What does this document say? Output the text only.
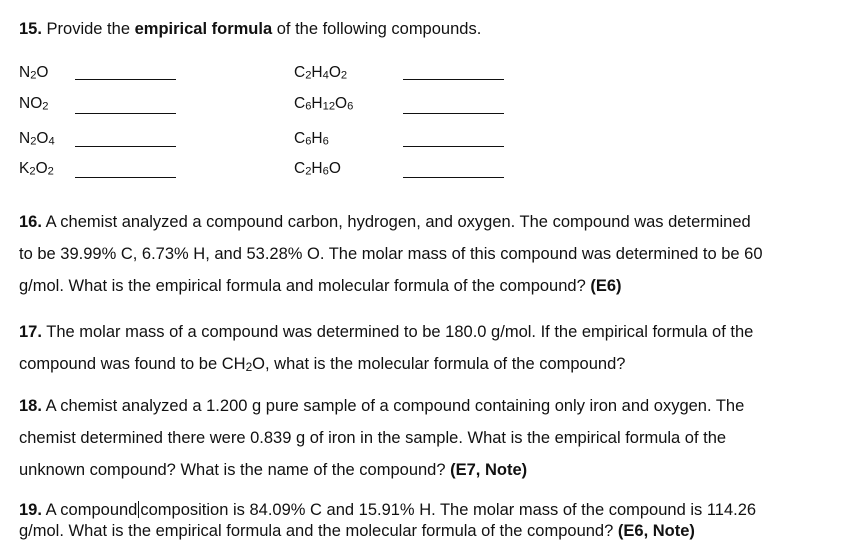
15. Provide the empirical formula of the following compounds.
$N_2O$
$NO_2$
$N_2O_4$
$K_2O_2$
$C_2H_4O_2$
$C_6H_{12}O_6$
$C_6H_6$
$C_2H_6O$
16. A chemist analyzed a compound carbon, hydrogen, and oxygen. The compound was determined
to be 39.99% C, 6.73% H, and 53.28% O. The molar mass of this compound was determined to be 60
g/mol. What is the empirical formula and molecular formula of the compound? (E6)
17. The molar mass of a compound was determined to be 180.0 g/mol. If the empirical formula of the
compound was found to be $CH_2O$, what is the molecular formula of the compound?
18. A chemist analyzed a 1.200 g pure sample of a compound containing only iron and oxygen. The
chemist determined there were 0.839 g of iron in the sample. What is the empirical formula of the
unknown compound? What is the name of the compound? (E7, Note)
19. A compound composition is 84.09% C and 15.91% H. The molar mass of the compound is 114.26
g/mol. What is the empirical formula and the molecular formula of the compound? (E6, Note)
